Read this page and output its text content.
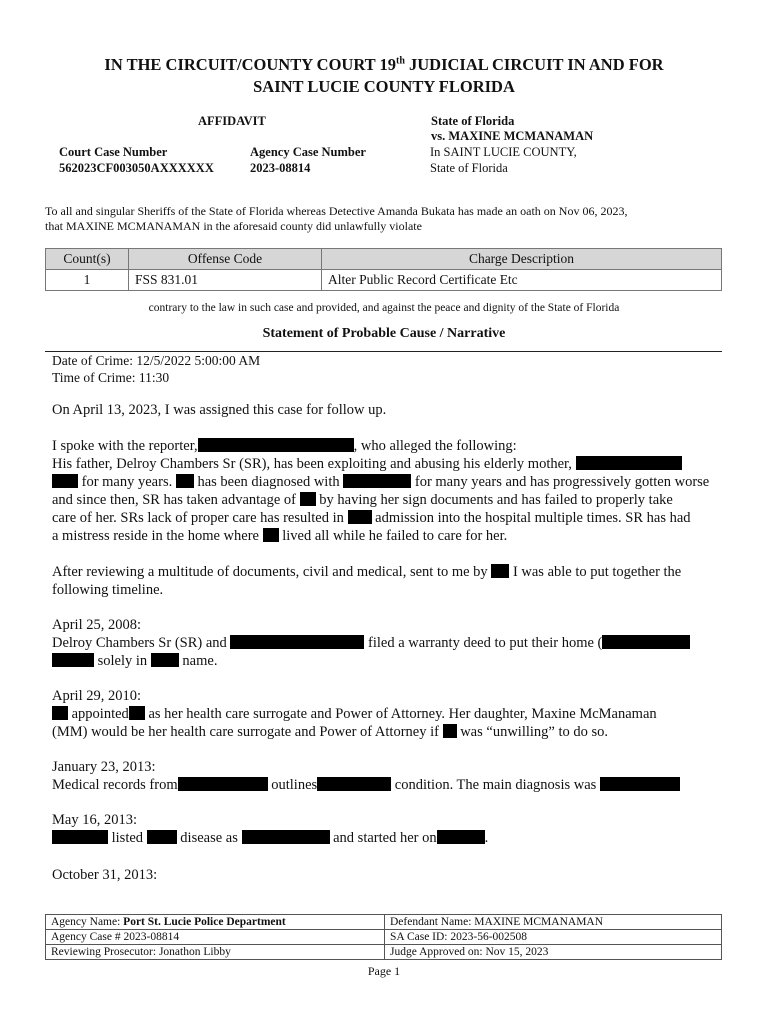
IN THE CIRCUIT/COUNTY COURT 19th JUDICIAL CIRCUIT IN AND FOR
SAINT LUCIE COUNTY FLORIDA
AFFIDAVIT	State of Florida
vs. MAXINE MCMANAMAN
In SAINT LUCIE COUNTY,
State of Florida
Court Case Number
562023CF003050AXXXXXX
Agency Case Number
2023-08814
To all and singular Sheriffs of the State of Florida whereas Detective Amanda Bukata has made an oath on Nov 06, 2023,
that MAXINE MCMANAMAN in the aforesaid county did unlawfully violate
Count(s)	Offense Code	Charge Description
1	FSS 831.01	Alter Public Record Certificate Etc
contrary to the law in such case and provided, and against the peace and dignity of the State of Florida
Statement of Probable Cause / Narrative
Date of Crime: 12/5/2022 5:00:00 AM
Time of Crime: 11:30
On April 13, 2023, I was assigned this case for follow up.
I spoke with the reporter,	, who alleged the following:
His father, Delroy Chambers Sr (SR), has been exploiting and abusing his elderly mother,
for many years.  has been diagnosed with	for many years and has progressively gotten worse
and since then, SR has taken advantage of  by having her sign documents and has failed to properly take
care of her. SRs lack of proper care has resulted in  admission into the hospital multiple times. SR has had
a mistress reside in the home where  lived all while he failed to care for her.
After reviewing a multitude of documents, civil and medical, sent to me by  I was able to put together the
following timeline.
April 25, 2008:
Delroy Chambers Sr (SR) and	filed a warranty deed to put their home (
solely in  name.
April 29, 2010:
appointed as her health care surrogate and Power of Attorney. Her daughter, Maxine McManaman
(MM) would be her health care surrogate and Power of Attorney if  was “unwilling” to do so.
January 23, 2013:
Medical records from	outlines	condition. The main diagnosis was
May 16, 2013:
listed  disease as	and started her on	.
October 31, 2013:
Agency Name: Port St. Lucie Police Department	Defendant Name: MAXINE MCMANAMAN
Agency Case # 2023-08814	SA Case ID: 2023-56-002508
Reviewing Prosecutor: Jonathon Libby	Judge Approved on: Nov 15, 2023
Page 1
